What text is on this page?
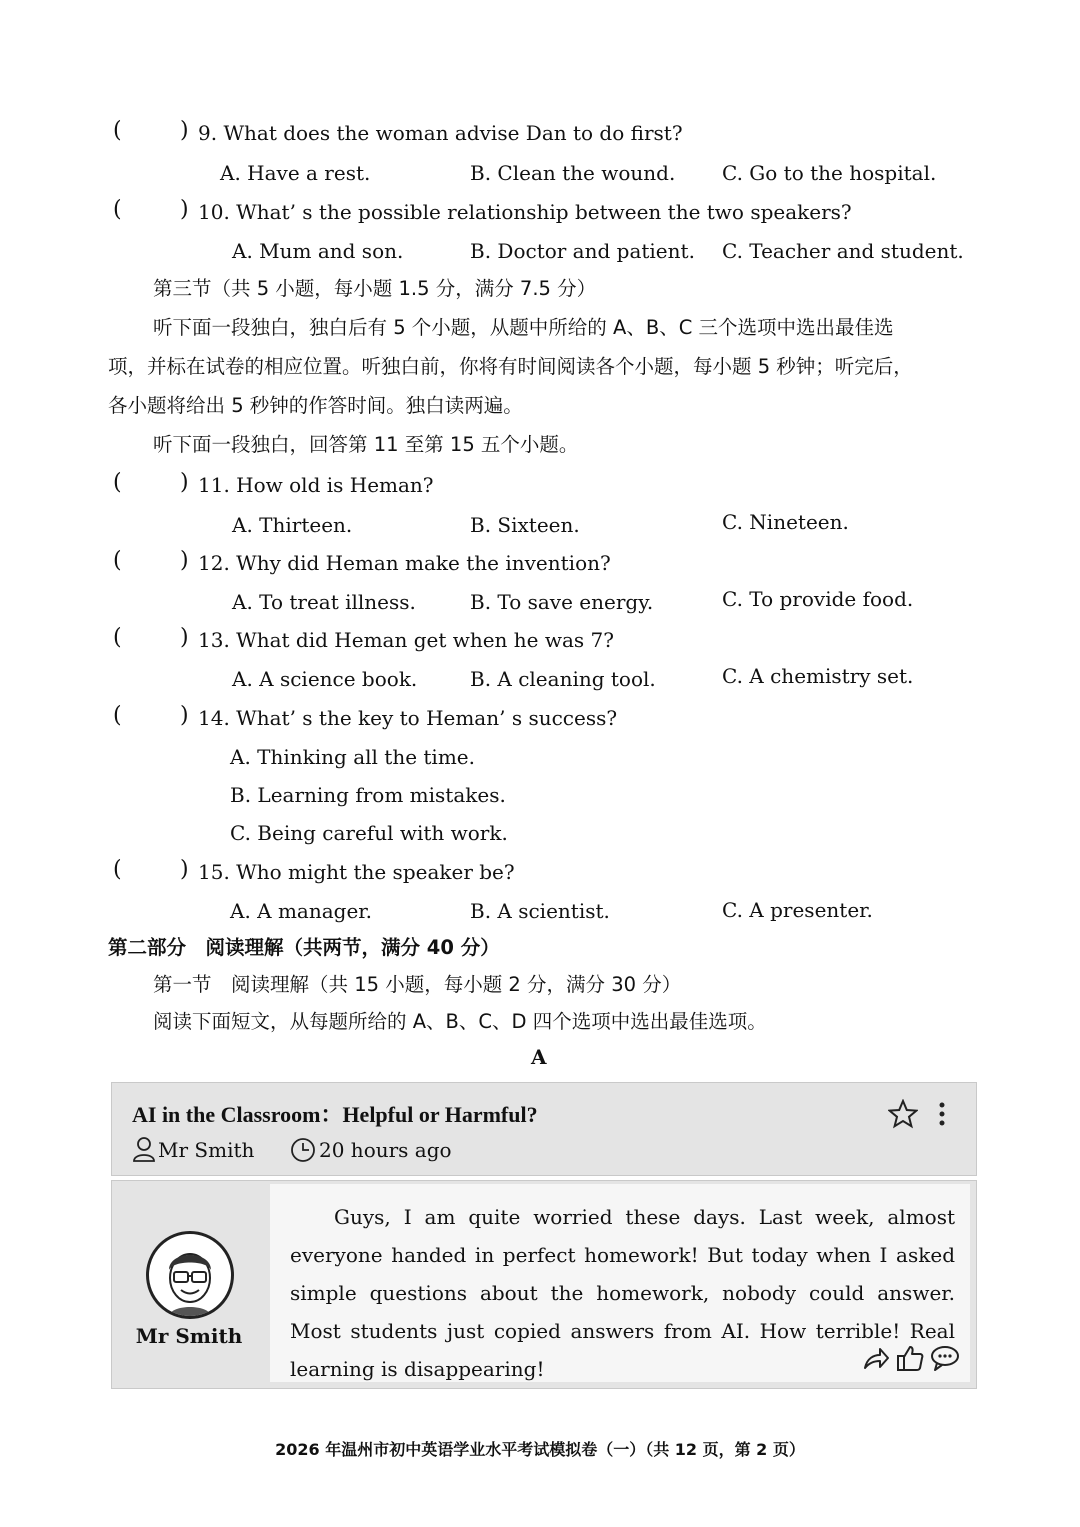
(	) 9. What does the woman advise Dan to do first?
A. Have a rest.	B. Clean the wound. C. Go to the hospital.
(	) 10. What’ s the possible relationship between the two speakers?
A. Mum and son.	B. Doctor and patient. C. Teacher and student.
第三节（共 5 小题，每小题 1.5 分，满分 7.5 分）
听下面一段独白，独白后有 5 个小题，从题中所给的 A、B、C 三个选项中选出最佳选
项，并标在试卷的相应位置。听独白前，你将有时间阅读各个小题，每小题 5 秒钟；听完后，
各小题将给出 5 秒钟的作答时间。独白读两遍。
听下面一段独白，回答第 11 至第 15 五个小题。
(	) 11. How old is Heman?
A. Thirteen.	B. Sixteen.	C. Nineteen.
(	) 12. Why did Heman make the invention?
A. To treat illness.	B. To save energy.	C. To provide food.
(	) 13. What did Heman get when he was 7?
A. A science book.	B. A cleaning tool.	C. A chemistry set.
(	) 14. What’ s the key to Heman’ s success?
A. Thinking all the time.
B. Learning from mistakes.
C. Being careful with work.
(	) 15. Who might the speaker be?
A. A manager.	B. A scientist.	C. A presenter.
第二部分　阅读理解（共两节，满分 40 分）
第一节　阅读理解（共 15 小题，每小题 2 分，满分 30 分）
阅读下面短文，从每题所给的 A、B、C、D 四个选项中选出最佳选项。
A
AI in the Classroom：Helpful or Harmful?
Mr Smith	20 hours ago
Mr Smith
Guys, I am quite worried these days. Last week, almost everyone handed in perfect homework! But today when I asked simple questions about the homework, nobody could answer. Most students just copied answers from AI. How terrible! Real learning is disappearing!
2026 年温州市初中英语学业水平考试模拟卷（一）（共 12 页，第 2 页）
